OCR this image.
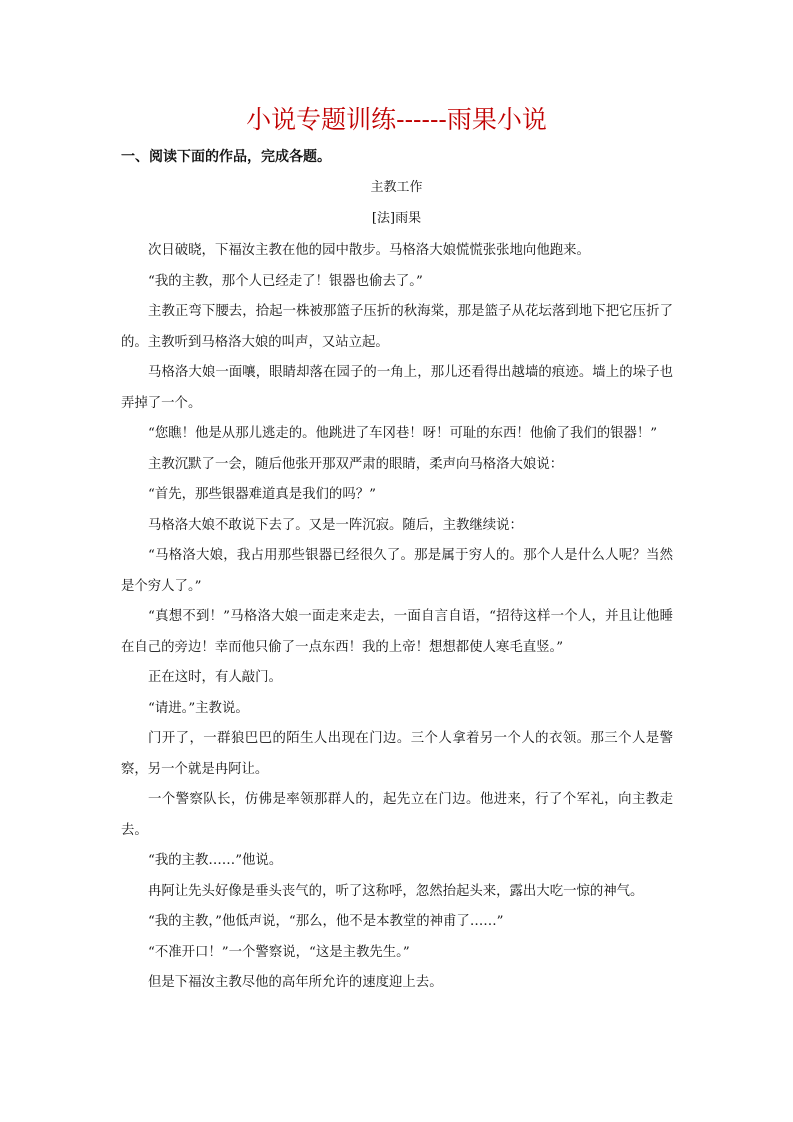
小说专题训练------雨果小说
一、阅读下面的作品，完成各题。
主教工作
[法]雨果

次日破晓，下福汝主教在他的园中散步。马格洛大娘慌慌张张地向他跑来。

“我的主教，那个人已经走了！银器也偷去了。”

主教正弯下腰去，拾起一株被那篮子压折的秋海棠，那是篮子从花坛落到地下把它压折了的。主教听到马格洛大娘的叫声，又站立起。

马格洛大娘一面嚷，眼睛却落在园子的一角上，那儿还看得出越墙的痕迹。墙上的垛子也弄掉了一个。

“您瞧！他是从那儿逃走的。他跳进了车冈巷！呀！可耻的东西！他偷了我们的银器！”

主教沉默了一会，随后他张开那双严肃的眼睛，柔声向马格洛大娘说：

“首先，那些银器难道真是我们的吗？”

马格洛大娘不敢说下去了。又是一阵沉寂。随后，主教继续说：

“马格洛大娘，我占用那些银器已经很久了。那是属于穷人的。那个人是什么人呢？当然是个穷人了。”

“真想不到！”马格洛大娘一面走来走去，一面自言自语，“招待这样一个人，并且让他睡在自己的旁边！幸而他只偷了一点东西！我的上帝！想想都使人寒毛直竖。”

正在这时，有人敲门。

“请进。”主教说。

门开了，一群狼巴巴的陌生人出现在门边。三个人拿着另一个人的衣领。那三个人是警察，另一个就是冉阿让。

一个警察队长，仿佛是率领那群人的，起先立在门边。他进来，行了个军礼，向主教走去。

“我的主教……”他说。

冉阿让先头好像是垂头丧气的，听了这称呼，忽然抬起头来，露出大吃一惊的神气。

“我的主教，”他低声说，“那么，他不是本教堂的神甫了……”

“不准开口！”一个警察说，“这是主教先生。”

但是下福汝主教尽他的高年所允许的速度迎上去。
